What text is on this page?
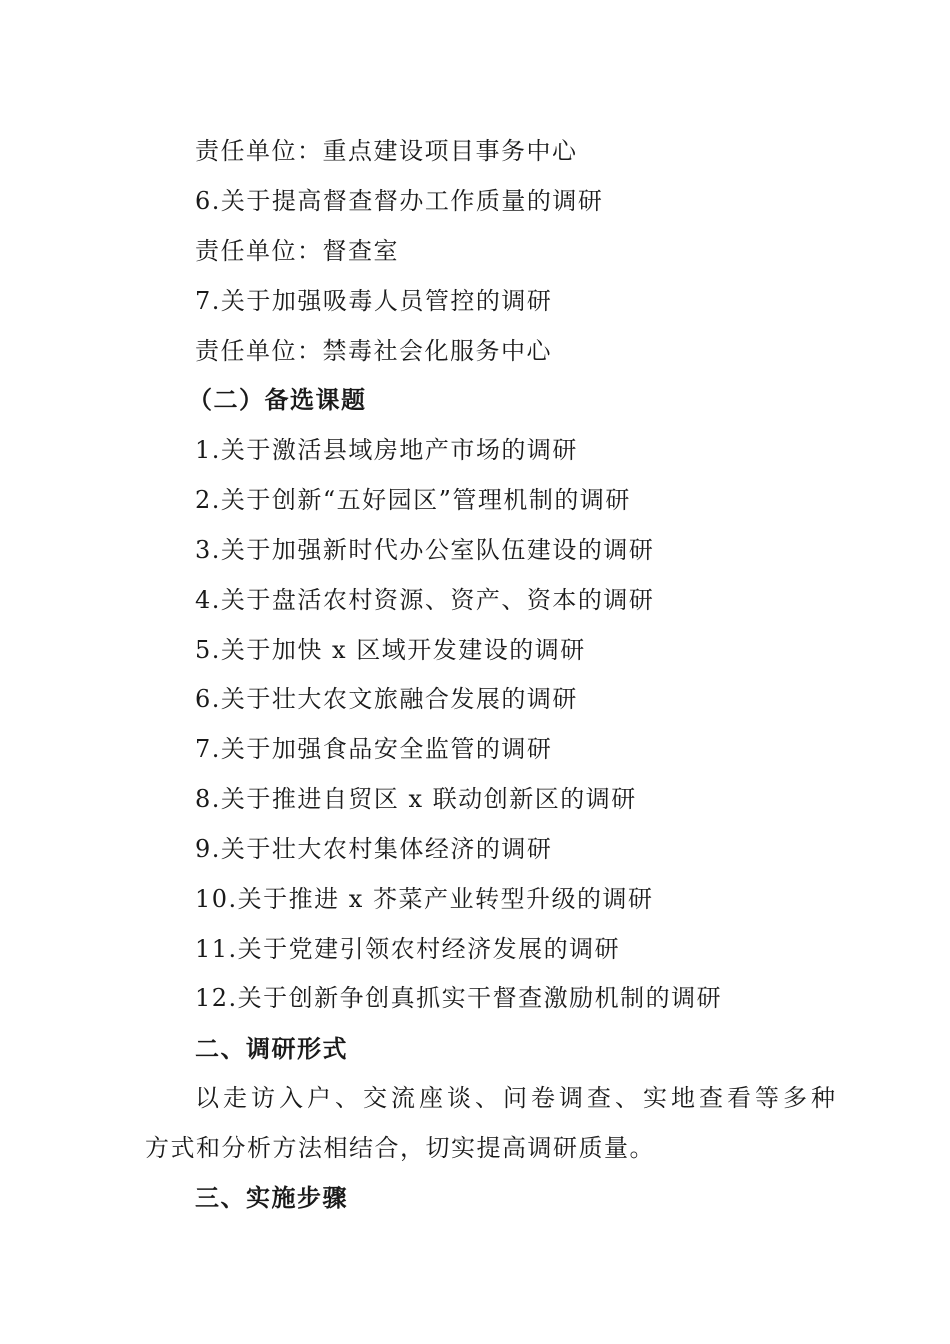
责任单位：重点建设项目事务中心
6.关于提高督查督办工作质量的调研
责任单位：督查室
7.关于加强吸毒人员管控的调研
责任单位：禁毒社会化服务中心
（二）备选课题
1.关于激活县域房地产市场的调研
2.关于创新“五好园区”管理机制的调研
3.关于加强新时代办公室队伍建设的调研
4.关于盘活农村资源、资产、资本的调研
5.关于加快 x 区域开发建设的调研
6.关于壮大农文旅融合发展的调研
7.关于加强食品安全监管的调研
8.关于推进自贸区 x 联动创新区的调研
9.关于壮大农村集体经济的调研
10.关于推进 x 芥菜产业转型升级的调研
11.关于党建引领农村经济发展的调研
12.关于创新争创真抓实干督查激励机制的调研
二、调研形式
以走访入户、交流座谈、问卷调查、实地查看等多种
方式和分析方法相结合，切实提高调研质量。
三、实施步骤
